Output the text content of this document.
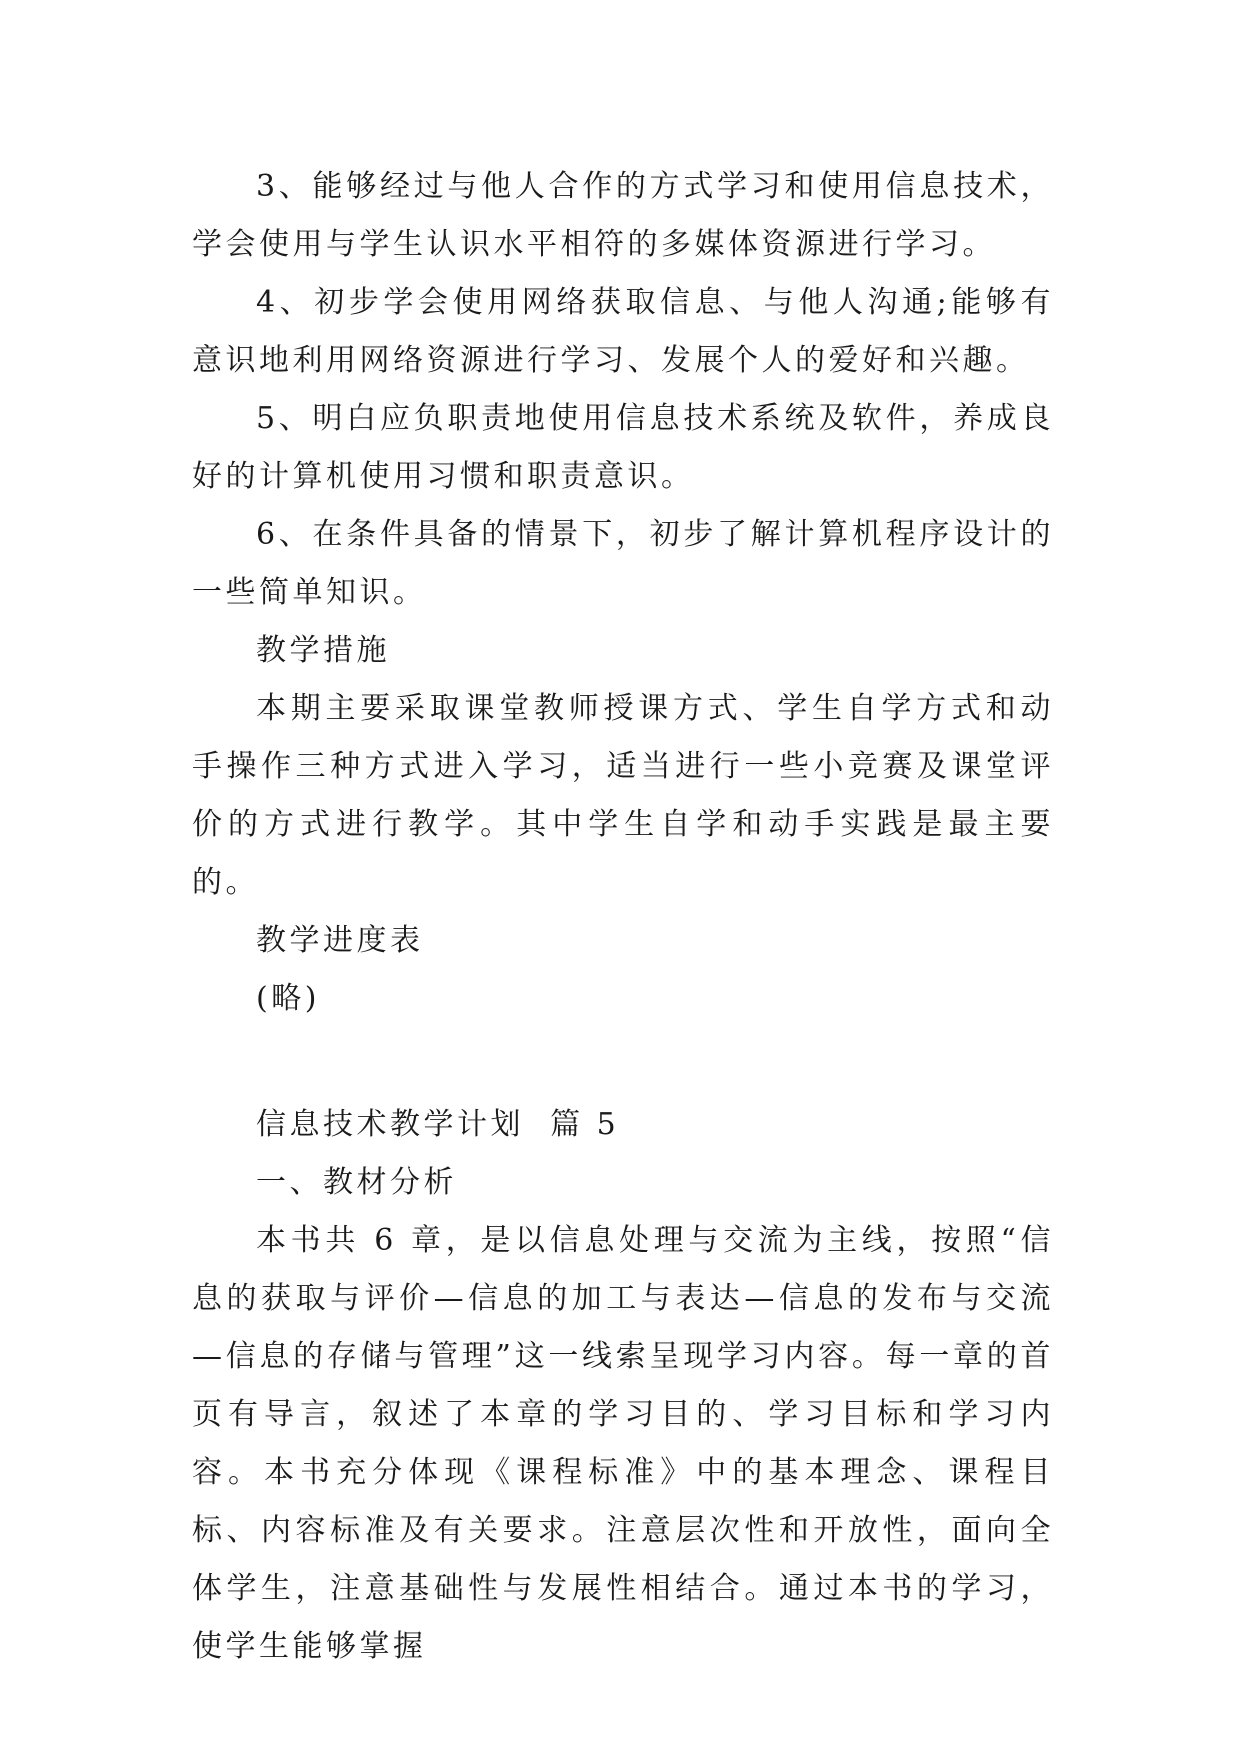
3、能够经过与他人合作的方式学习和使用信息技术，学会使用与学生认识水平相符的多媒体资源进行学习。

4、初步学会使用网络获取信息、与他人沟通;能够有意识地利用网络资源进行学习、发展个人的爱好和兴趣。

5、明白应负职责地使用信息技术系统及软件，养成良好的计算机使用习惯和职责意识。

6、在条件具备的情景下，初步了解计算机程序设计的一些简单知识。

教学措施

本期主要采取课堂教师授课方式、学生自学方式和动手操作三种方式进入学习，适当进行一些小竞赛及课堂评价的方式进行教学。其中学生自学和动手实践是最主要的。

教学进度表

(略)

信息技术教学计划  篇 5

一、教材分析

本书共 6 章，是以信息处理与交流为主线，按照“信息的获取与评价—信息的加工与表达—信息的发布与交流—信息的存储与管理”这一线索呈现学习内容。每一章的首页有导言，叙述了本章的学习目的、学习目标和学习内容。本书充分体现《课程标准》中的基本理念、课程目标、内容标准及有关要求。注意层次性和开放性，面向全体学生，注意基础性与发展性相结合。通过本书的学习，使学生能够掌握
